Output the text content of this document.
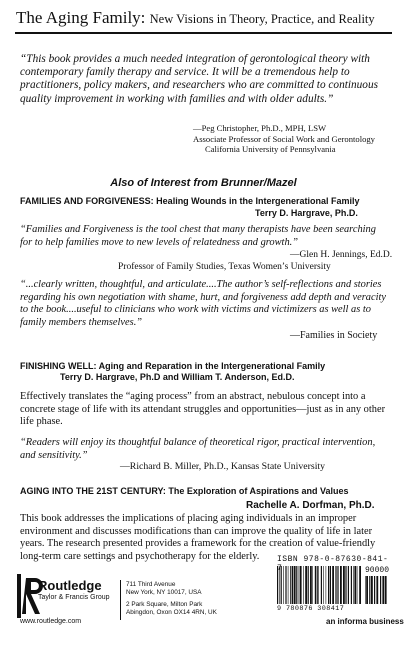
The Aging Family: New Visions in Theory, Practice, and Reality
“This book provides a much needed integration of gerontological theory with contemporary family therapy and service. It will be a tremendous help to practitioners, policy makers, and researchers who are committed to continuous quality improvement in working with families and with older adults.”
—Peg Christopher, Ph.D., MPH, LSW
Associate Professor of Social Work and Gerontology
California University of Pennsylvania
Also of Interest from Brunner/Mazel
FAMILIES AND FORGIVENESS: Healing Wounds in the Intergenerational Family
Terry D. Hargrave, Ph.D.
“Families and Forgiveness is the tool chest that many therapists have been searching for to help families move to new levels of relatedness and growth.”
—Glen H. Jennings, Ed.D.
Professor of Family Studies, Texas Women’s University
“...clearly written, thoughtful, and articulate....The author’s self-reflections and stories regarding his own negotiation with shame, hurt, and forgiveness add depth and veracity to the book....useful to clinicians who work with victims and victimizers as well as to family members themselves.”
—Families in Society
FINISHING WELL: Aging and Reparation in the Intergenerational Family
Terry D. Hargrave, Ph.D and William T. Anderson, Ed.D.
Effectively translates the “aging process” from an abstract, nebulous concept into a concrete stage of life with its attendant struggles and opportunities—just as in any other life phase.
“Readers will enjoy its thoughtful balance of theoretical rigor, practical intervention, and sensitivity.”
—Richard B. Miller, Ph.D., Kansas State University
AGING INTO THE 21ST CENTURY: The Exploration of Aspirations and Values
Rachelle A. Dorfman, Ph.D.
This book addresses the implications of placing aging individuals in an improper environment and discusses modifications than can improve the quality of life in later years. The research presented provides a framework for the creation of value-friendly long-term care settings and psychotherapy for the elderly.	ISBN 978-0-87630-841-7	90000
9 780876 308417
Routledge
Taylor & Francis Group
www.routledge.com
711 Third Avenue
New York, NY 10017, USA
2 Park Square, Milton Park
Abingdon, Oxon OX14 4RN, UK
an informa business
